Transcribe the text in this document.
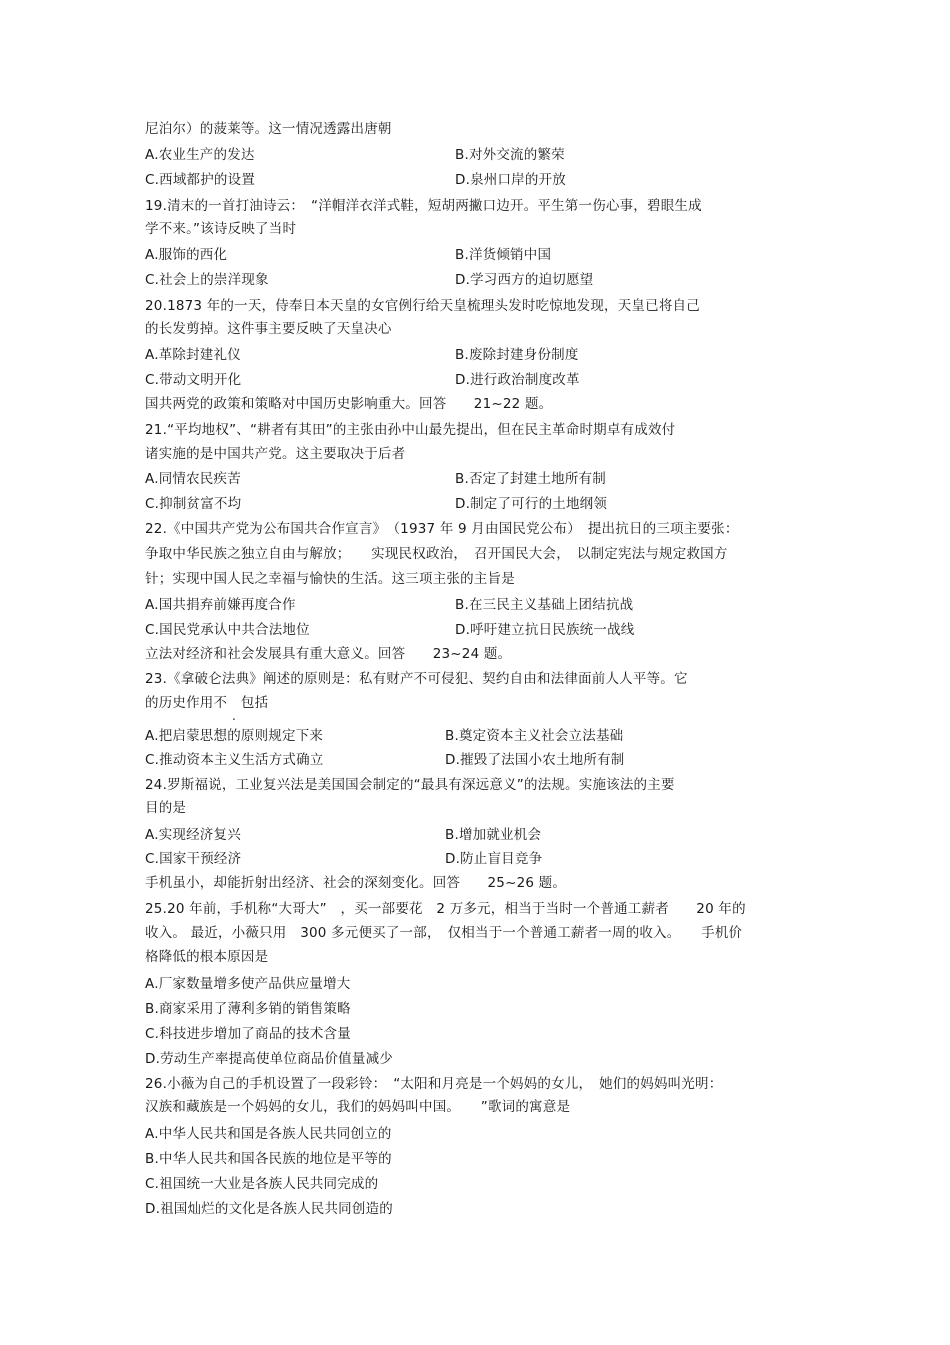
尼泊尔）的菠莱等。这一情况透露出唐朝
A.农业生产的发达	B.对外交流的繁荣
C.西域都护的设置	D.泉州口岸的开放
19.清末的一首打油诗云：　“洋帽洋衣洋式鞋，短胡两撇口边开。平生第一伤心事，碧眼生成
学不来。”该诗反映了当时
A.服饰的西化	B.洋货倾销中国
C.社会上的崇洋现象	D.学习西方的迫切愿望
20.1873 年的一天，侍奉日本天皇的女官例行给天皇梳理头发时吃惊地发现，天皇已将自己
的长发剪掉。这件事主要反映了天皇决心
A.革除封建礼仪	B.废除封建身份制度
C.带动文明开化	D.进行政治制度改革
国共两党的政策和策略对中国历史影响重大。回答　　21~22 题。
21.“平均地权”、“耕者有其田”的主张由孙中山最先提出，但在民主革命时期卓有成效付
诸实施的是中国共产党。这主要取决于后者
A.同情农民疾苦	B.否定了封建土地所有制
C.抑制贫富不均	D.制定了可行的土地纲领
22.《中国共产党为公布国共合作宣言》　（1937 年 9 月由国民党公布）　提出抗日的三项主要张：
争取中华民族之独立自由与解放；　　实现民权政治，　召开国民大会，　以制定宪法与规定救国方
针；实现中国人民之幸福与愉快的生活。这三项主张的主旨是
A.国共捐弃前嫌再度合作	B.在三民主义基础上团结抗战
C.国民党承认中共合法地位	D.呼吁建立抗日民族统一战线
立法对经济和社会发展具有重大意义。回答　　23~24 题。
23.《拿破仑法典》阐述的原则是：私有财产不可侵犯、契约自由和法律面前人人平等。它
的历史作用不　包括
.
A.把启蒙思想的原则规定下来	B.奠定资本主义社会立法基础
C.推动资本主义生活方式确立	D.摧毁了法国小农土地所有制
24.罗斯福说，工业复兴法是美国国会制定的“最具有深远意义”的法规。实施该法的主要
目的是
A.实现经济复兴	B.增加就业机会
C.国家干预经济	D.防止盲目竞争
手机虽小，却能折射出经济、社会的深刻变化。回答　　25~26 题。
25.20 年前，手机称“大哥大”　，买一部要花　2 万多元，相当于当时一个普通工薪者　　20 年的
收入。 最近，小薇只用　300 多元便买了一部，　仅相当于一个普通工薪者一周的收入。　　手机价
格降低的根本原因是
A.厂家数量增多使产品供应量增大
B.商家采用了薄利多销的销售策略
C.科技进步增加了商品的技术含量
D.劳动生产率提高使单位商品价值量减少
26.小薇为自己的手机设置了一段彩铃：　“太阳和月亮是一个妈妈的女儿，　她们的妈妈叫光明：
汉族和藏族是一个妈妈的女儿，我们的妈妈叫中国。　　”歌词的寓意是
A.中华人民共和国是各族人民共同创立的
B.中华人民共和国各民族的地位是平等的
C.祖国统一大业是各族人民共同完成的
D.祖国灿烂的文化是各族人民共同创造的
